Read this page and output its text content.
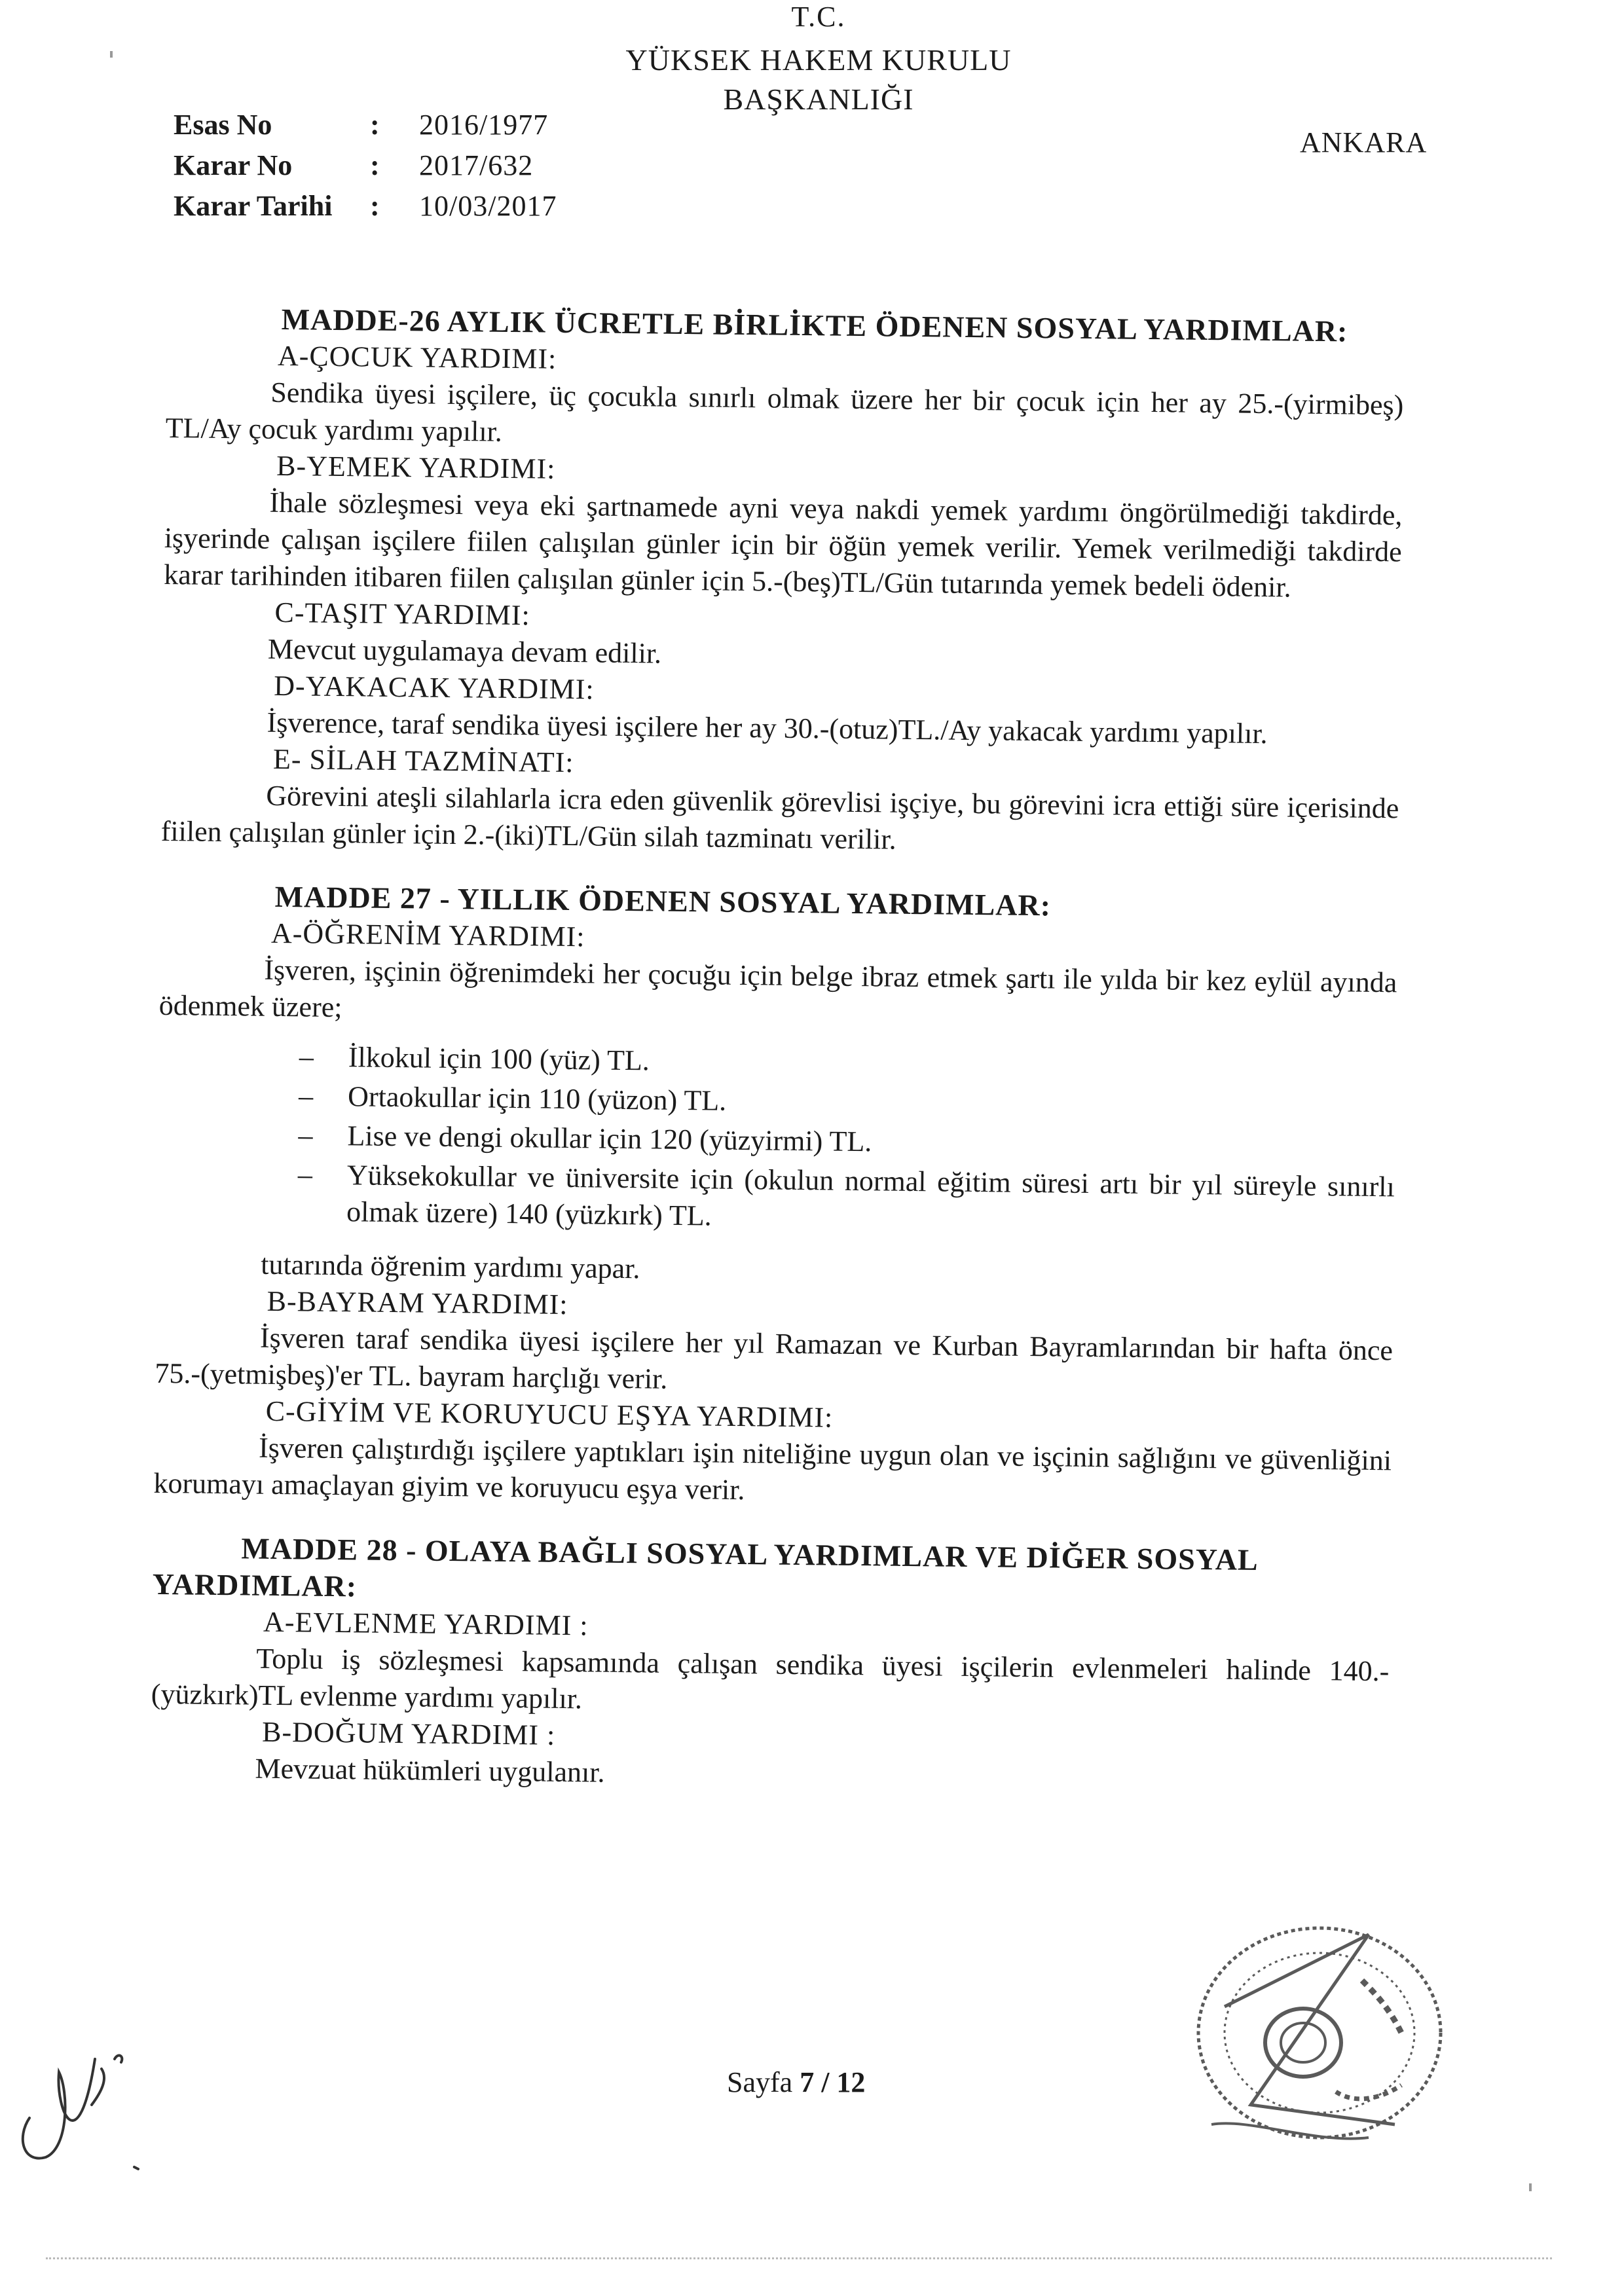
T.C.
YÜKSEK HAKEM KURULU
BAŞKANLIĞI
Esas No	:	2016/1977
Karar No	:	2017/632
Karar Tarihi	:	10/03/2017
ANKARA
MADDE-26 AYLIK ÜCRETLE BİRLİKTE ÖDENEN SOSYAL YARDIMLAR:
A-ÇOCUK YARDIMI:
Sendika üyesi işçilere, üç çocukla sınırlı olmak üzere her bir çocuk için her ay 25.-(yirmibeş) TL/Ay çocuk yardımı yapılır.
B-YEMEK YARDIMI:
İhale sözleşmesi veya eki şartnamede ayni veya nakdi yemek yardımı öngörülmediği takdirde, işyerinde çalışan işçilere fiilen çalışılan günler için bir öğün yemek verilir. Yemek verilmediği takdirde karar tarihinden itibaren fiilen çalışılan günler için 5.-(beş)TL/Gün tutarında yemek bedeli ödenir.
C-TAŞIT YARDIMI:
Mevcut uygulamaya devam edilir.
D-YAKACAK YARDIMI:
İşverence, taraf sendika üyesi işçilere her ay 30.-(otuz)TL./Ay yakacak yardımı yapılır.
E- SİLAH TAZMİNATI:
Görevini ateşli silahlarla icra eden güvenlik görevlisi işçiye, bu görevini icra ettiği süre içerisinde fiilen çalışılan günler için 2.-(iki)TL/Gün silah tazminatı verilir.
MADDE 27 - YILLIK ÖDENEN SOSYAL YARDIMLAR:
A-ÖĞRENİM YARDIMI:
İşveren, işçinin öğrenimdeki her çocuğu için belge ibraz etmek şartı ile yılda bir kez eylül ayında ödenmek üzere;
– İlkokul için 100 (yüz) TL.
– Ortaokullar için 110 (yüzon) TL.
– Lise ve dengi okullar için 120 (yüzyirmi) TL.
– Yüksekokullar ve üniversite için (okulun normal eğitim süresi artı bir yıl süreyle sınırlı olmak üzere) 140 (yüzkırk) TL.
tutarında öğrenim yardımı yapar.
B-BAYRAM YARDIMI:
İşveren taraf sendika üyesi işçilere her yıl Ramazan ve Kurban Bayramlarından bir hafta önce 75.-(yetmişbeş)'er TL. bayram harçlığı verir.
C-GİYİM VE KORUYUCU EŞYA YARDIMI:
İşveren çalıştırdığı işçilere yaptıkları işin niteliğine uygun olan ve işçinin sağlığını ve güvenliğini korumayı amaçlayan giyim ve koruyucu eşya verir.
MADDE 28 - OLAYA BAĞLI SOSYAL YARDIMLAR VE DİĞER SOSYAL YARDIMLAR:
A-EVLENME YARDIMI :
Toplu iş sözleşmesi kapsamında çalışan sendika üyesi işçilerin evlenmeleri halinde 140.-(yüzkırk)TL evlenme yardımı yapılır.
B-DOĞUM YARDIMI :
Mevzuat hükümleri uygulanır.
Sayfa 7 / 12
